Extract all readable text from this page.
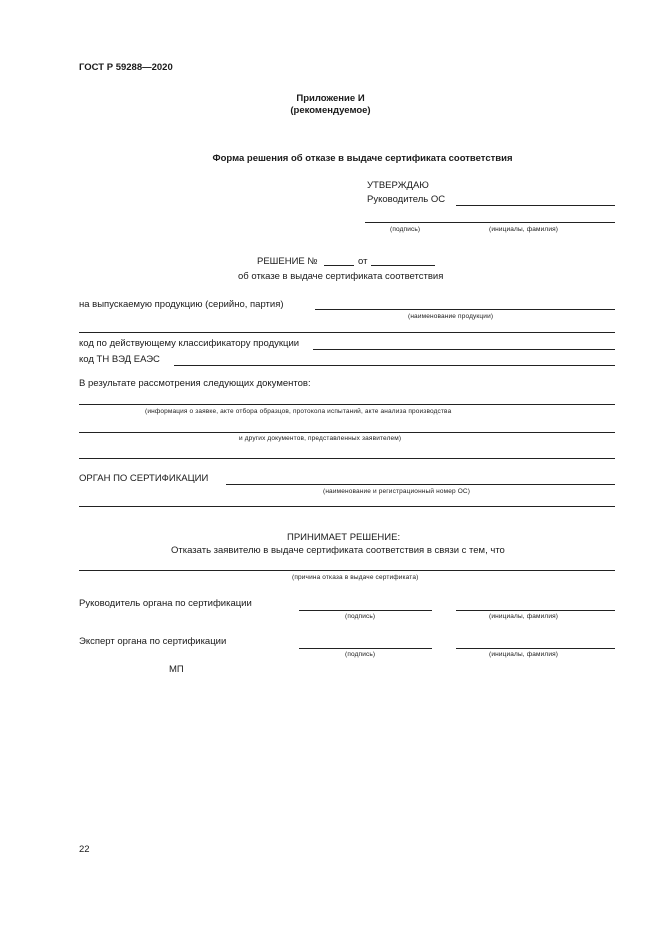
ГОСТ Р 59288—2020
Приложение И
(рекомендуемое)
Форма решения об отказе в выдаче сертификата соответствия
УТВЕРЖДАЮ
Руководитель ОС
(подпись)	(инициалы, фамилия)
РЕШЕНИЕ №	от
об отказе в выдаче сертификата соответствия
на выпускаемую продукцию (серийно, партия)
(наименование продукции)
код по действующему классификатору продукции
код ТН ВЭД ЕАЭС
В результате рассмотрения следующих документов:
(информация о заявке, акте отбора образцов, протокола испытаний, акте анализа производства
и других документов, представленных заявителем)
ОРГАН ПО СЕРТИФИКАЦИИ
(наименование и регистрационный номер ОС)
ПРИНИМАЕТ РЕШЕНИЕ:
Отказать заявителю в выдаче сертификата соответствия в связи с тем, что
(причина отказа в выдаче сертификата)
Руководитель органа по сертификации
(подпись)	(инициалы, фамилия)
Эксперт органа по сертификации
(подпись)	(инициалы, фамилия)
МП
22
